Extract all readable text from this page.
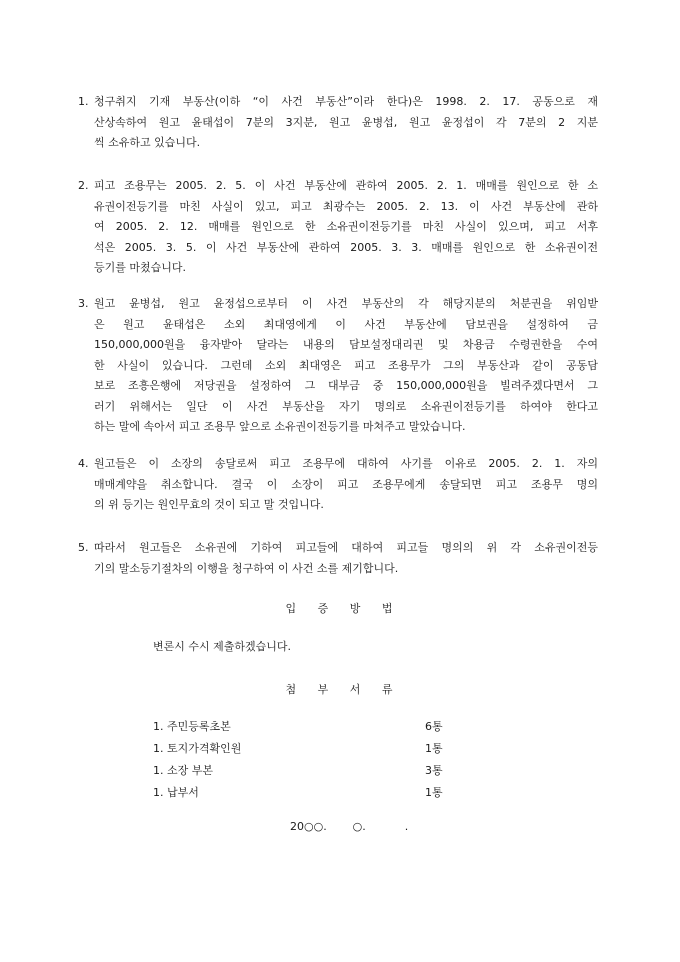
1. 청구취지 기재 부동산(이하 “이 사건 부동산”이라 한다)은 1998. 2. 17. 공동으로 재
산상속하여 원고 윤태섭이 7분의 3지분, 원고 윤병섭, 원고 윤정섭이 각 7분의 2 지분
씩 소유하고 있습니다.
2. 피고 조용무는 2005. 2. 5. 이 사건 부동산에 관하여 2005. 2. 1. 매매를 원인으로 한 소
유권이전등기를 마친 사실이 있고, 피고 최광수는 2005. 2. 13. 이 사건 부동산에 관하
여 2005. 2. 12. 매매를 원인으로 한 소유권이전등기를 마친 사실이 있으며, 피고 서후
석은 2005. 3. 5. 이 사건 부동산에 관하여 2005. 3. 3. 매매를 원인으로 한 소유권이전
등기를 마쳤습니다.
3. 원고 윤병섭, 원고 윤정섭으로부터 이 사건 부동산의 각 해당지분의 처분권을 위임받
은 원고 윤태섭은 소외 최대영에게 이 사건 부동산에 담보권을 설정하여 금
150,000,000원을 융자받아 달라는 내용의 담보설정대리권 및 차용금 수령권한을 수여
한 사실이 있습니다. 그런데 소외 최대영은 피고 조용무가 그의 부동산과 같이 공동담
보로 조흥은행에 저당권을 설정하여 그 대부금 중 150,000,000원을 빌려주겠다면서 그
러기 위해서는 일단 이 사건 부동산을 자기 명의로 소유권이전등기를 하여야 한다고
하는 말에 속아서 피고 조용무 앞으로 소유권이전등기를 마쳐주고 말았습니다.
4. 원고들은 이 소장의 송달로써 피고 조용무에 대하여 사기를 이유로 2005. 2. 1. 자의
매매계약을 취소합니다. 결국 이 소장이 피고 조용무에게 송달되면 피고 조용무 명의
의 위 등기는 원인무효의 것이 되고 말 것입니다.
5. 따라서 원고들은 소유권에 기하여 피고들에 대하여 피고들 명의의 위 각 소유권이전등
기의 말소등기절차의 이행을 청구하여 이 사건 소를 제기합니다.
입 증 방 법
변론시 수시 제출하겠습니다.
첨 부 서 류
1. 주민등록초본	6통
1. 토지가격확인원	1통
1. 소장 부본	3통
1. 납부서	1통
20○○.    ○.      .
